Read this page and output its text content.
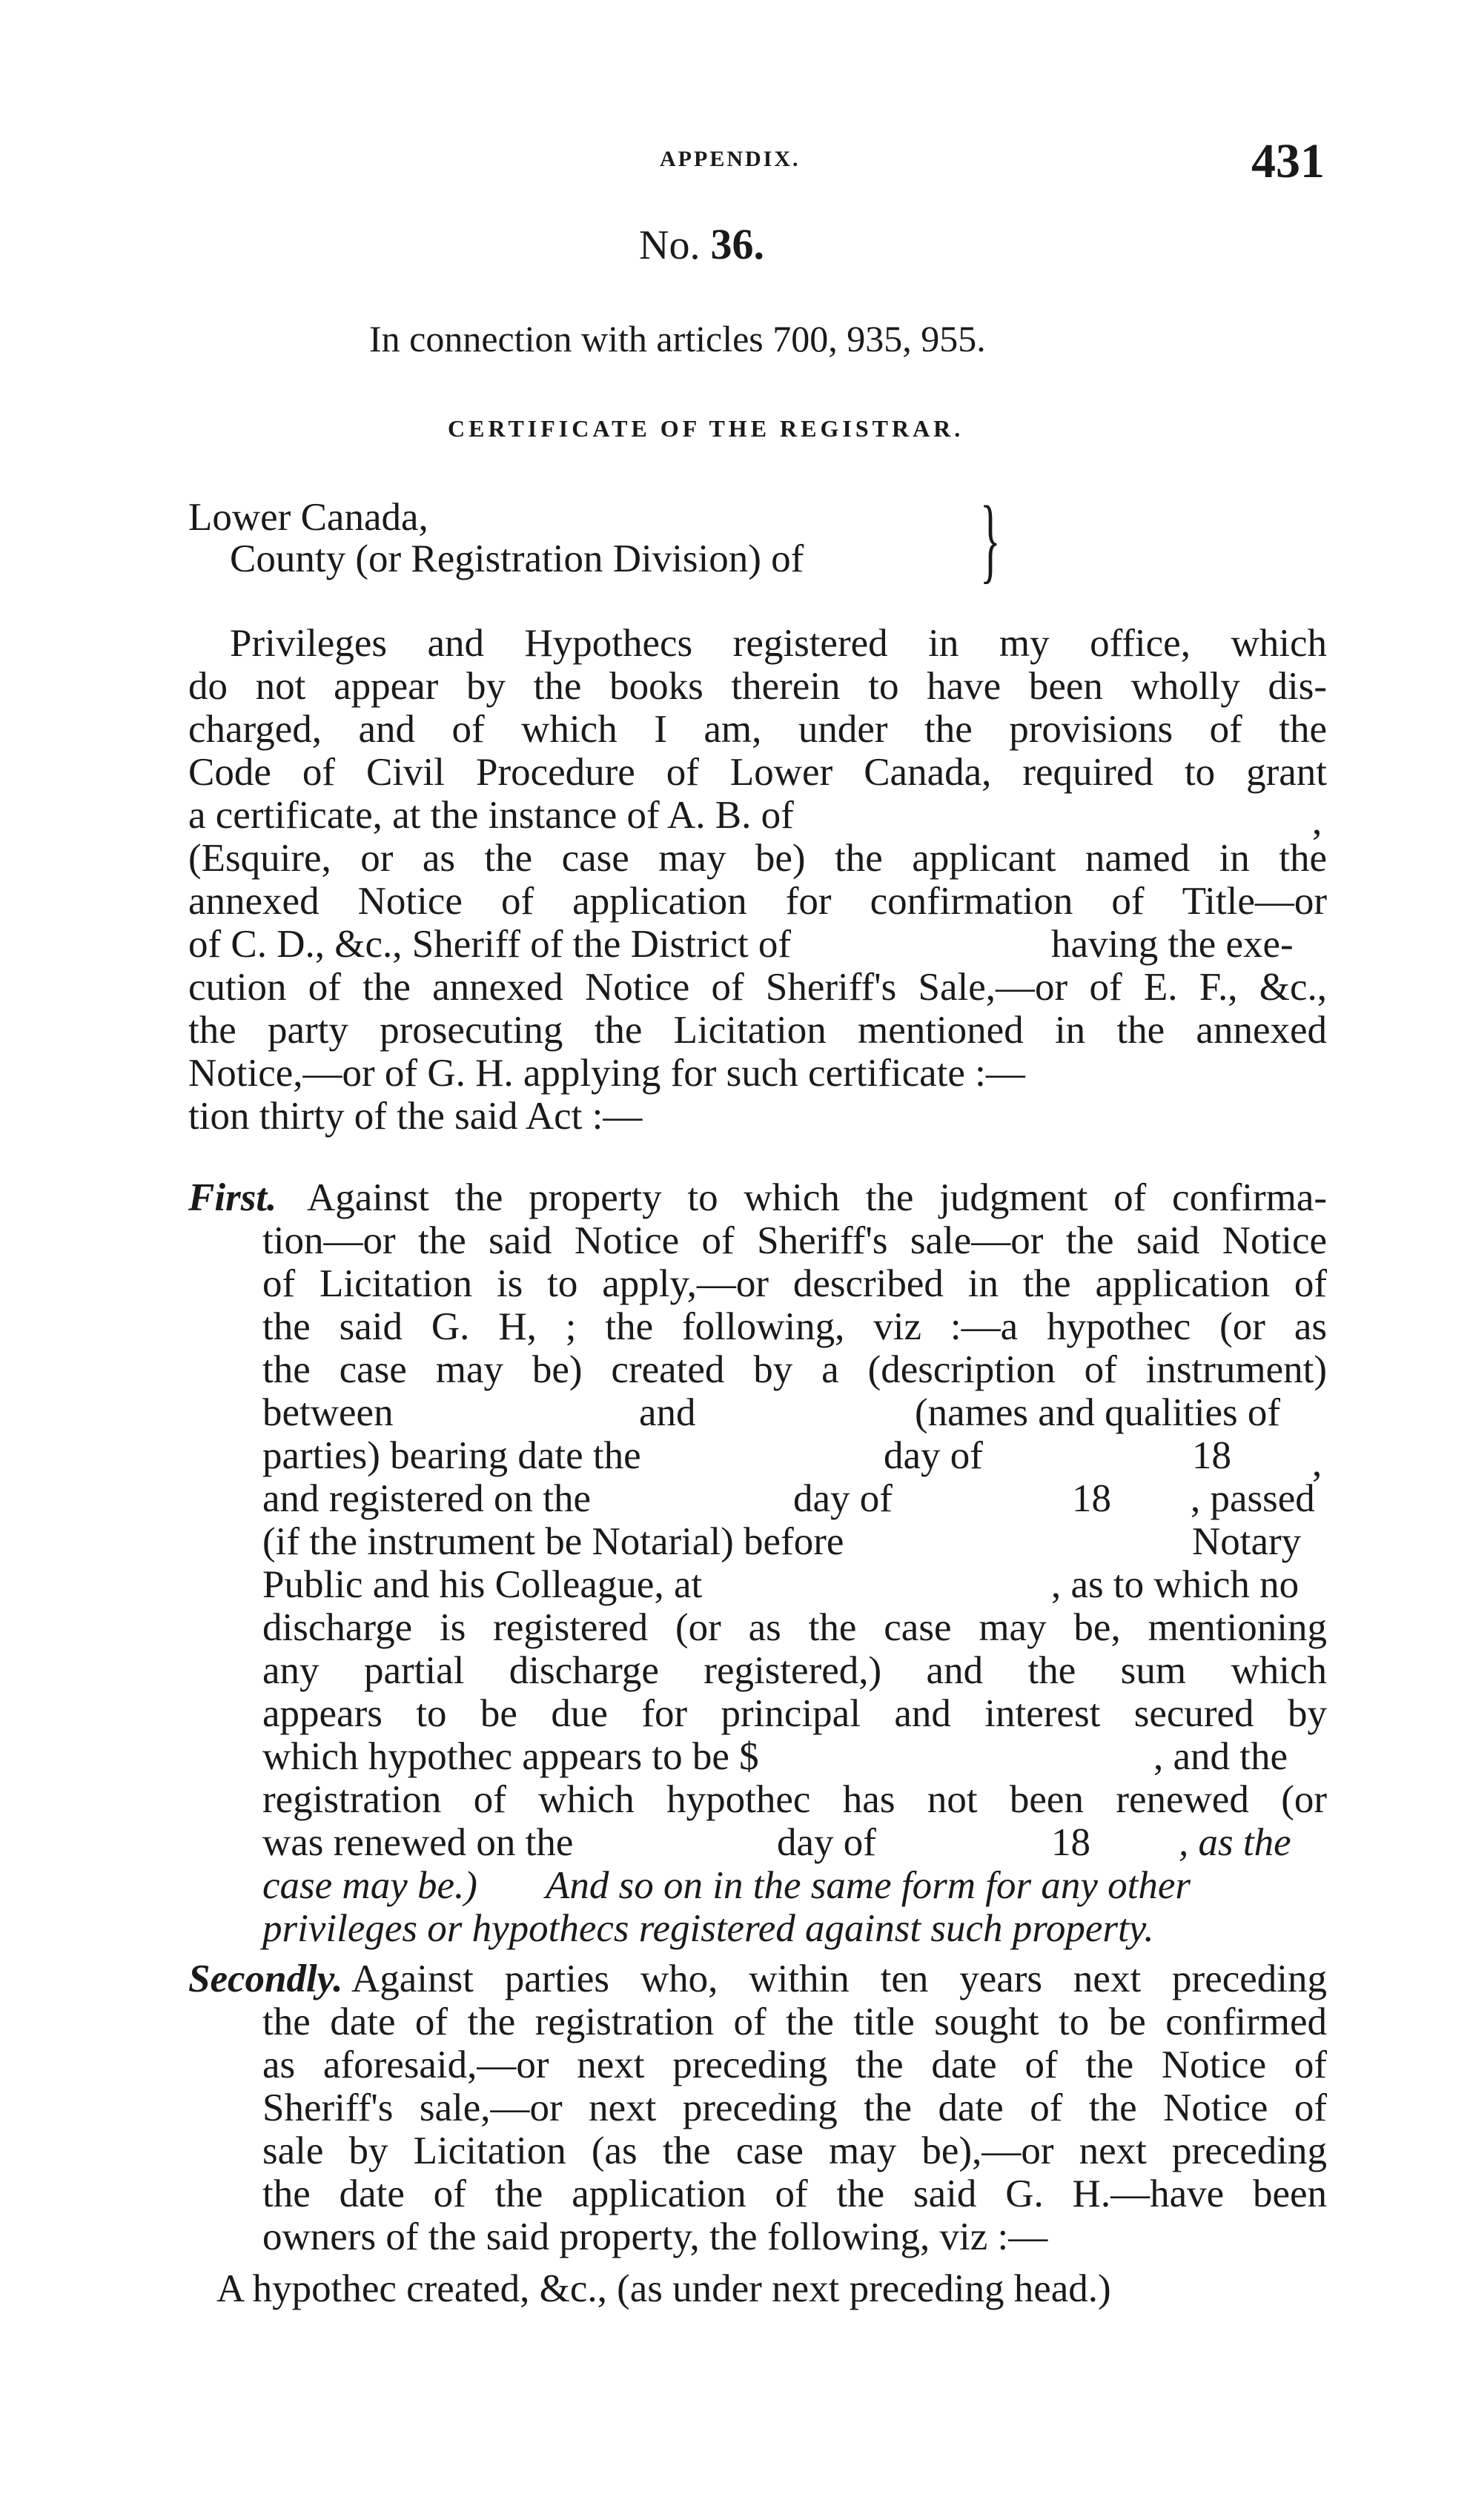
APPENDIX.	431
No. 36.
In connection with articles 700, 935, 955.
CERTIFICATE OF THE REGISTRAR.
Lower Canada,
County (or Registration Division) of }
Privileges and Hypothecs registered in my office, which
do not appear by the books therein to have been wholly dis-
charged, and of which I am, under the provisions of the
Code of Civil Procedure of Lower Canada, required to grant
a certificate, at the instance of A. B. of	,
(Esquire, or as the case may be) the applicant named in the
annexed Notice of application for confirmation of Title—or
of C. D., &c., Sheriff of the District of	having the exe-
cution of the annexed Notice of Sheriff's Sale,—or of E. F., &c.,
the party prosecuting the Licitation mentioned in the annexed
Notice,—or of G. H. applying for such certificate :—
tion thirty of the said Act :—
First. Against the property to which the judgment of confirma-
tion—or the said Notice of Sheriff's sale—or the said Notice
of Licitation is to apply,—or described in the application of
the said G. H, ; the following, viz :—a hypothec (or as
the case may be) created by a (description of instrument)
between	and	(names and qualities of
parties) bearing date the	day of	18 ,
and registered on the	day of	18 , passed
(if the instrument be Notarial) before	Notary
Public and his Colleague, at	, as to which no
discharge is registered (or as the case may be, mentioning
any partial discharge registered,) and the sum which
appears to be due for principal and interest secured by
which hypothec appears to be $	, and the
registration of which hypothec has not been renewed (or
was renewed on the	day of	18 , as the
case may be.) And so on in the same form for any other
privileges or hypothecs registered against such property.
Secondly. Against parties who, within ten years next preceding
the date of the registration of the title sought to be confirmed
as aforesaid,—or next preceding the date of the Notice of
Sheriff's sale,—or next preceding the date of the Notice of
sale by Licitation (as the case may be),—or next preceding
the date of the application of the said G. H.—have been
owners of the said property, the following, viz :—
A hypothec created, &c., (as under next preceding head.)
